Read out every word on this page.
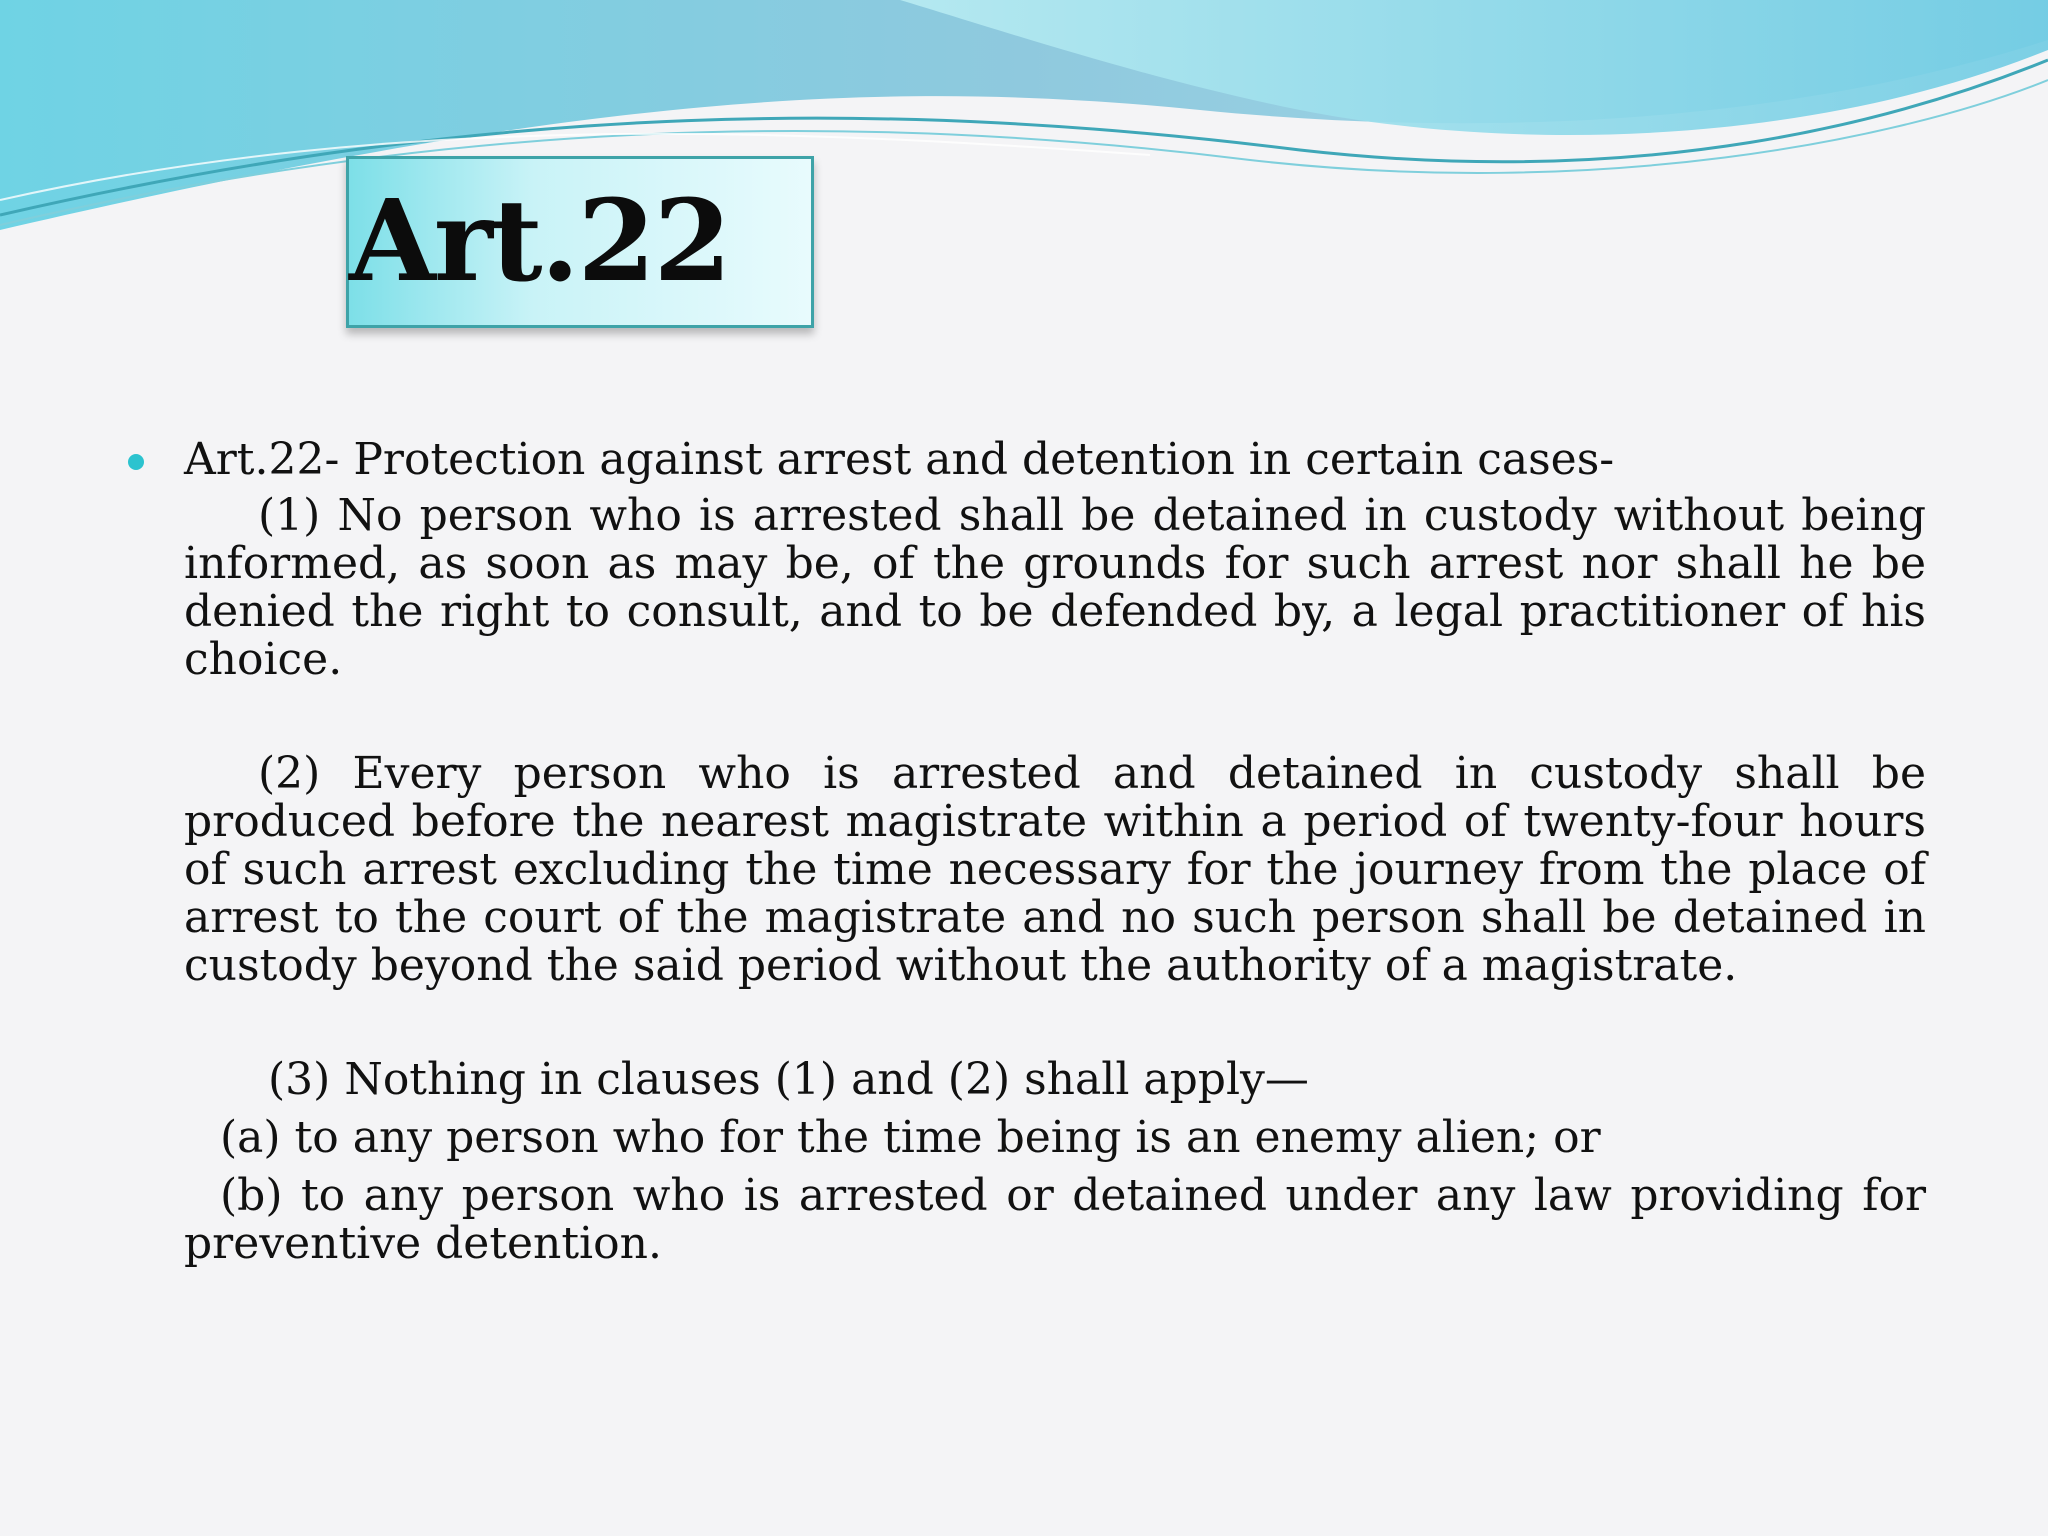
Art.22
Art.22- Protection against arrest and detention in certain cases-

(1) No person who is arrested shall be detained in custody without being informed, as soon as may be, of the grounds for such arrest nor shall he be denied the right to consult, and to be defended by, a legal practitioner of his choice.

(2) Every person who is arrested and detained in custody shall be produced before the nearest magistrate within a period of twenty-four hours of such arrest excluding the time necessary for the journey from the place of arrest to the court of the magistrate and no such person shall be detained in custody beyond the said period without the authority of a magistrate.

(3) Nothing in clauses (1) and (2) shall apply—

(a) to any person who for the time being is an enemy alien; or

(b) to any person who is arrested or detained under any law providing for preventive detention.
